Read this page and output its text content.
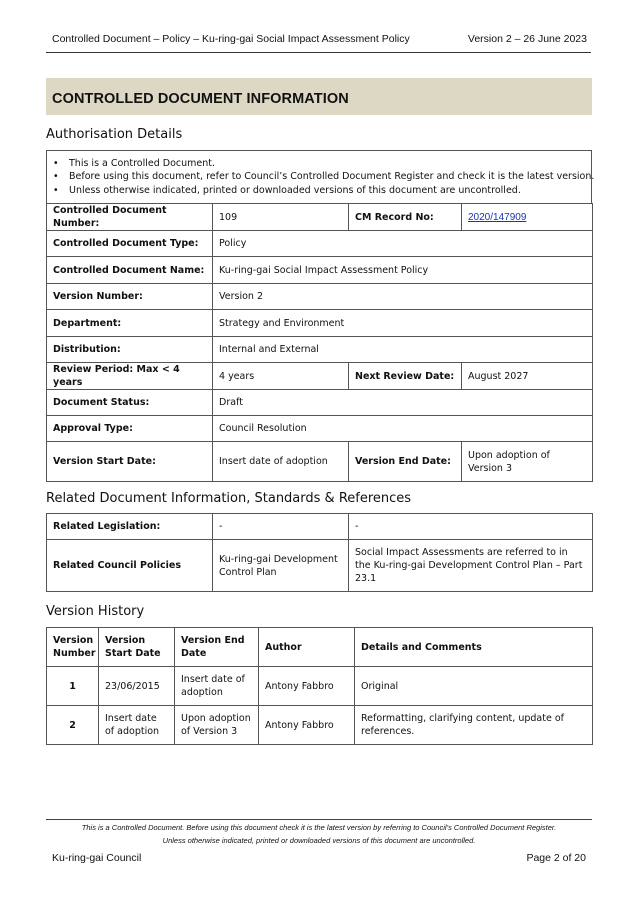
Controlled Document – Policy – Ku-ring-gai Social Impact Assessment Policy	Version 2 – 26 June 2023
CONTROLLED DOCUMENT INFORMATION
Authorisation Details
• This is a Controlled Document.
• Before using this document, refer to Council’s Controlled Document Register and check it is the latest version.
• Unless otherwise indicated, printed or downloaded versions of this document are uncontrolled.
Controlled Document Number:	109	CM Record No:	2020/147909
Controlled Document Type:	Policy		
Controlled Document Name:	Ku-ring-gai Social Impact Assessment Policy		
Version Number:	Version 2		
Department:	Strategy and Environment		
Distribution:	Internal and External		
Review Period: Max < 4 years	4 years	Next Review Date:	August 2027
Document Status:	Draft		
Approval Type:	Council Resolution		
Version Start Date:	Insert date of adoption	Version End Date:	Upon adoption of Version 3
Related Document Information, Standards & References
Related Legislation:	-	-
Related Council Policies	Ku-ring-gai Development Control Plan	Social Impact Assessments are referred to in the Ku-ring-gai Development Control Plan – Part 23.1
Version History
Version Number	Version Start Date	Version End Date	Author	Details and Comments
1	23/06/2015	Insert date of adoption	Antony Fabbro	Original
2	Insert date of adoption	Upon adoption of Version 3	Antony Fabbro	Reformatting, clarifying content, update of references.
This is a Controlled Document. Before using this document check it is the latest version by referring to Council’s Controlled Document Register.
Unless otherwise indicated, printed or downloaded versions of this document are uncontrolled.
Ku-ring-gai Council	Page 2 of 20
